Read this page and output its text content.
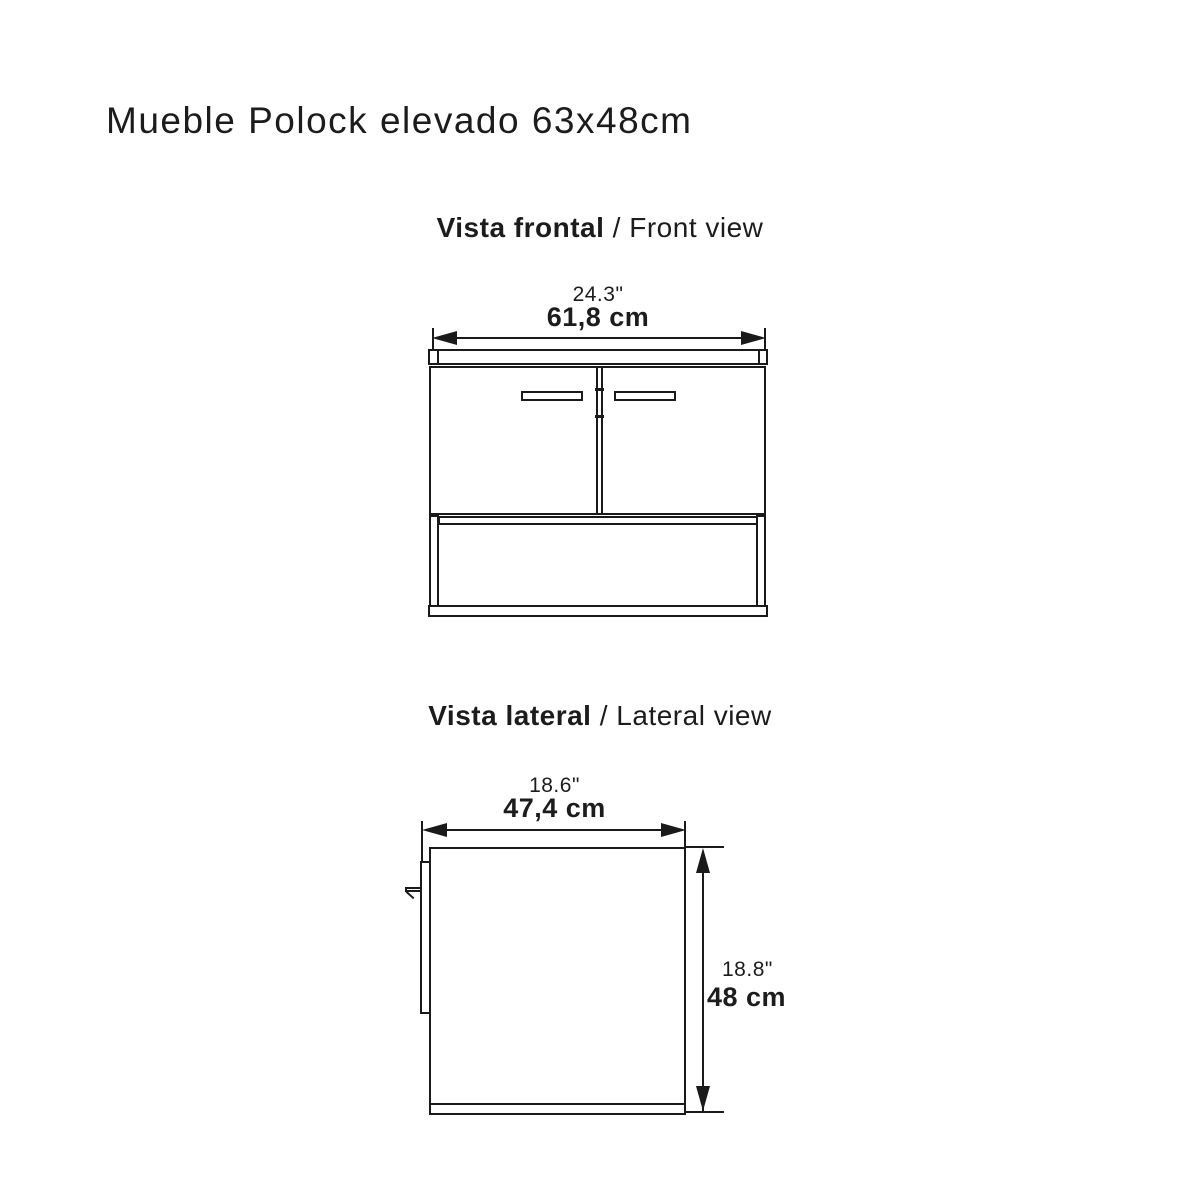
Mueble Polock elevado 63x48cm
Vista frontal / Front view
24.3"
61,8 cm
Vista lateral / Lateral view
18.6"
47,4 cm
18.8"
48 cm
